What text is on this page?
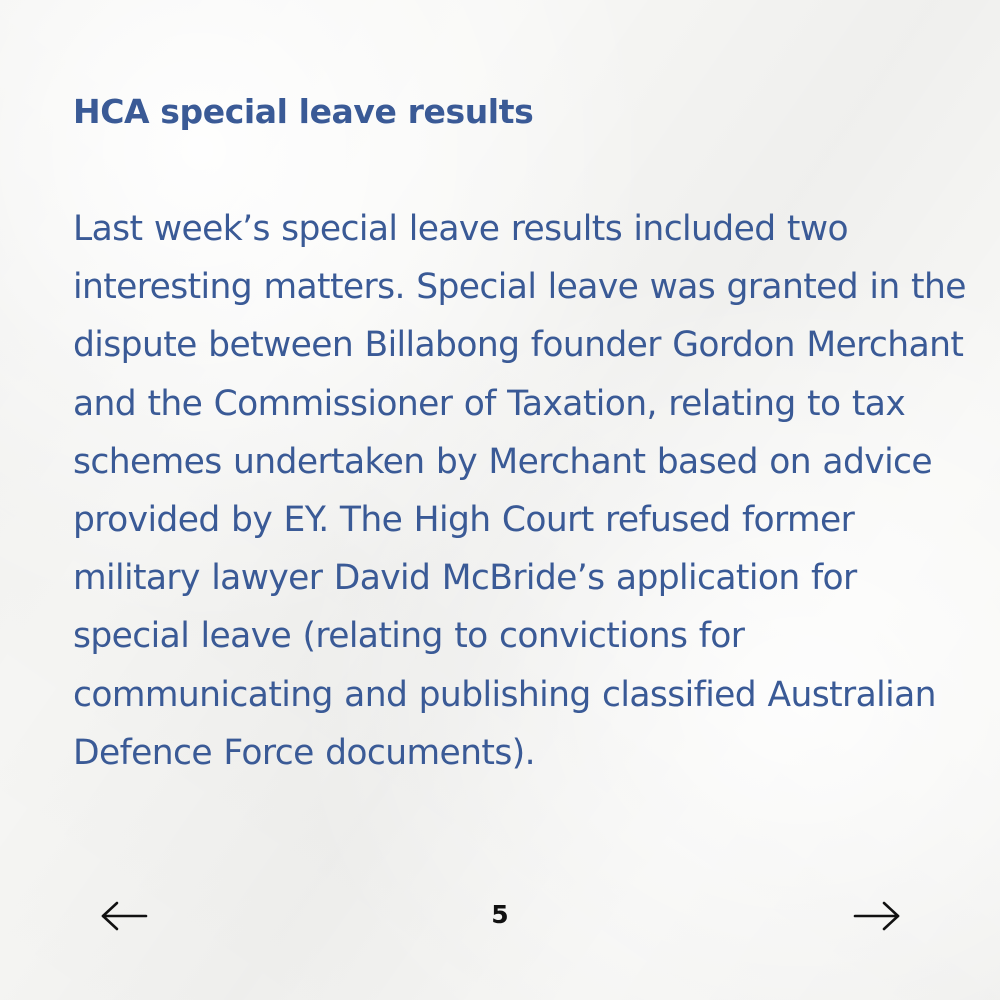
HCA special leave results

Last week’s special leave results included two interesting matters. Special leave was granted in the dispute between Billabong founder Gordon Merchant and the Commissioner of Taxation, relating to tax schemes undertaken by Merchant based on advice provided by EY. The High Court refused former military lawyer David McBride’s application for special leave (relating to convictions for communicating and publishing classified Australian Defence Force documents).

5
